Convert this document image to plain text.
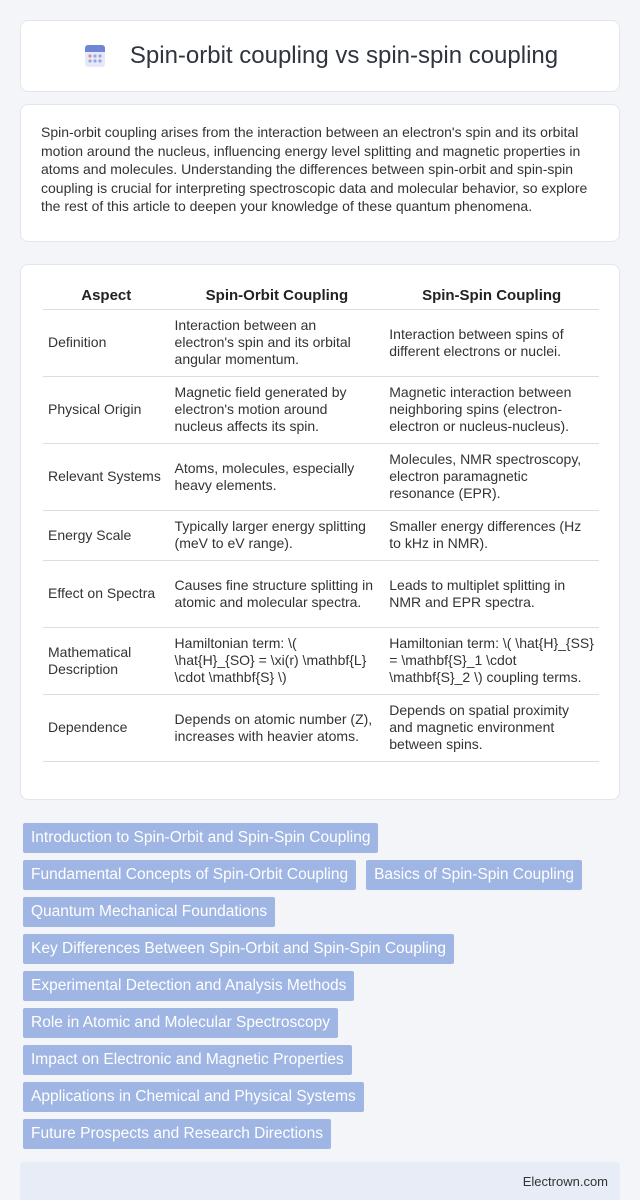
Spin-orbit coupling vs spin-spin coupling

Spin-orbit coupling arises from the interaction between an electron's spin and its orbital motion around the nucleus, influencing energy level splitting and magnetic properties in atoms and molecules. Understanding the differences between spin-orbit and spin-spin coupling is crucial for interpreting spectroscopic data and molecular behavior, so explore the rest of this article to deepen your knowledge of these quantum phenomena.

Aspect	Spin-Orbit Coupling	Spin-Spin Coupling
Definition	Interaction between an electron's spin and its orbital angular momentum.	Interaction between spins of different electrons or nuclei.
Physical Origin	Magnetic field generated by electron's motion around nucleus affects its spin.	Magnetic interaction between neighboring spins (electron-electron or nucleus-nucleus).
Relevant Systems	Atoms, molecules, especially heavy elements.	Molecules, NMR spectroscopy, electron paramagnetic resonance (EPR).
Energy Scale	Typically larger energy splitting (meV to eV range).	Smaller energy differences (Hz to kHz in NMR).
Effect on Spectra	Causes fine structure splitting in atomic and molecular spectra.	Leads to multiplet splitting in NMR and EPR spectra.
Mathematical Description	Hamiltonian term: \( \hat{H}_{SO} = \xi(r) \mathbf{L} \cdot \mathbf{S} \)	Hamiltonian term: \( \hat{H}_{SS} = \mathbf{S}_1 \cdot \mathbf{S}_2 \) coupling terms.
Dependence	Depends on atomic number (Z), increases with heavier atoms.	Depends on spatial proximity and magnetic environment between spins.
Introduction to Spin-Orbit and Spin-Spin Coupling
Fundamental Concepts of Spin-Orbit Coupling	Basics of Spin-Spin Coupling
Quantum Mechanical Foundations
Key Differences Between Spin-Orbit and Spin-Spin Coupling
Experimental Detection and Analysis Methods
Role in Atomic and Molecular Spectroscopy
Impact on Electronic and Magnetic Properties
Applications in Chemical and Physical Systems
Future Prospects and Research Directions
Electrown.com
